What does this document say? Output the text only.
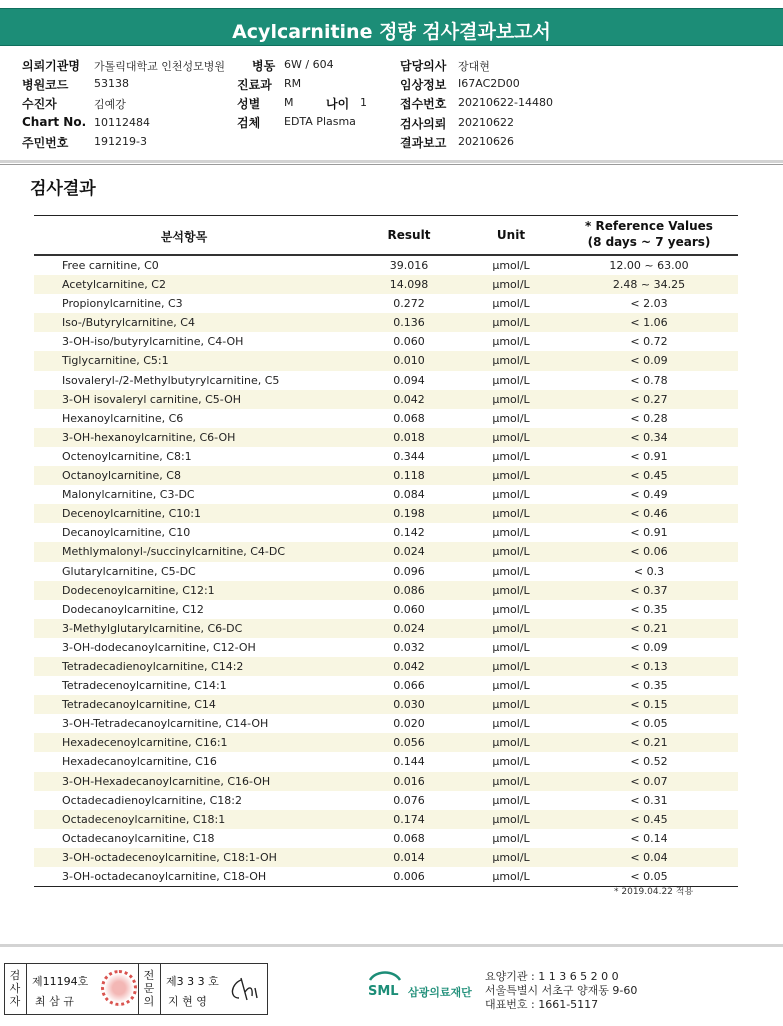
Acylcarnitine 정량 검사결과보고서
의뢰기관명 가톨릭대학교 인천성모병원 병동 6W / 604	담당의사 장대현
병원코드 53138	진료과 RM	임상정보 I67AC2D00
수진자	김예강	성별 M	나이 1	접수번호 20210622-14480
Chart No. 10112484	검체 EDTA Plasma	검사의뢰 20210622
주민번호 191219-3	결과보고 20210626
검사결과
분석항목	Result	Unit
* Reference Values
(8 days ~ 7 years)
Free carnitine, C0	39.016	μmol/L	12.00 ~ 63.00
Acetylcarnitine, C2	14.098	μmol/L	2.48 ~ 34.25
Propionylcarnitine, C3	0.272	μmol/L	< 2.03
Iso-/Butyrylcarnitine, C4	0.136	μmol/L	< 1.06
3-OH-iso/butyrylcarnitine, C4-OH	0.060	μmol/L	< 0.72
Tiglycarnitine, C5:1	0.010	μmol/L	< 0.09
Isovaleryl-/2-Methylbutyrylcarnitine, C5	0.094	μmol/L	< 0.78
3-OH isovaleryl carnitine, C5-OH	0.042	μmol/L	< 0.27
Hexanoylcarnitine, C6	0.068	μmol/L	< 0.28
3-OH-hexanoylcarnitine, C6-OH	0.018	μmol/L	< 0.34
Octenoylcarnitine, C8:1	0.344	μmol/L	< 0.91
Octanoylcarnitine, C8	0.118	μmol/L	< 0.45
Malonylcarnitine, C3-DC	0.084	μmol/L	< 0.49
Decenoylcarnitine, C10:1	0.198	μmol/L	< 0.46
Decanoylcarnitine, C10	0.142	μmol/L	< 0.91
Methlymalonyl-/succinylcarnitine, C4-DC	0.024	μmol/L	< 0.06
Glutarylcarnitine, C5-DC	0.096	μmol/L	< 0.3
Dodecenoylcarnitine, C12:1	0.086	μmol/L	< 0.37
Dodecanoylcarnitine, C12	0.060	μmol/L	< 0.35
3-Methylglutarylcarnitine, C6-DC	0.024	μmol/L	< 0.21
3-OH-dodecanoylcarnitine, C12-OH	0.032	μmol/L	< 0.09
Tetradecadienoylcarnitine, C14:2	0.042	μmol/L	< 0.13
Tetradecenoylcarnitine, C14:1	0.066	μmol/L	< 0.35
Tetradecanoylcarnitine, C14	0.030	μmol/L	< 0.15
3-OH-Tetradecanoylcarnitine, C14-OH	0.020	μmol/L	< 0.05
Hexadecenoylcarnitine, C16:1	0.056	μmol/L	< 0.21
Hexadecanoylcarnitine, C16	0.144	μmol/L	< 0.52
3-OH-Hexadecanoylcarnitine, C16-OH	0.016	μmol/L	< 0.07
Octadecadienoylcarnitine, C18:2	0.076	μmol/L	< 0.31
Octadecenoylcarnitine, C18:1	0.174	μmol/L	< 0.45
Octadecanoylcarnitine, C18	0.068	μmol/L	< 0.14
3-OH-octadecenoylcarnitine, C18:1-OH	0.014	μmol/L	< 0.04
3-OH-octadecanoylcarnitine, C18-OH	0.006	μmol/L	< 0.05
* 2019.04.22 적용
검
사
자
제11194호
최 삼 규
전
문
의
제3 3 3 호
지 현 영
SML 삼광의료재단
요양기관 : 1 1 3 6 5 2 0 0
서울특별시 서초구 양재동 9-60
대표번호 : 1661-5117
